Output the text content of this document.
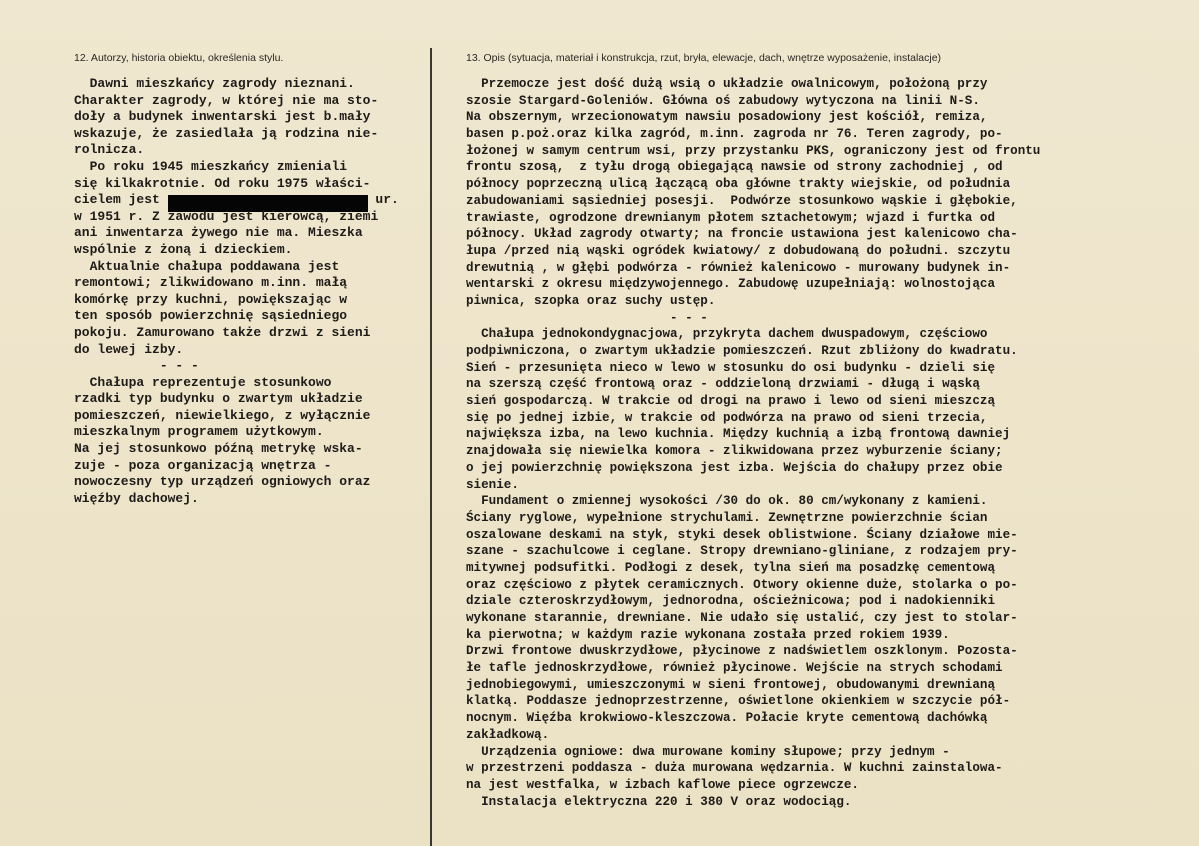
12. Autorzy, historia obiektu, określenia stylu.	13. Opis (sytuacja, materiał i konstrukcja, rzut, bryła, elewacje, dach, wnętrze wyposażenie, instalacje)
Dawni mieszkańcy zagrody nieznani.
Charakter zagrody, w której nie ma sto-
doły a budynek inwentarski jest b.mały
wskazuje, że zasiedlała ją rodzina nie-
rolnicza.
Po roku 1945 mieszkańcy zmieniali
się kilkakrotnie. Od roku 1975 właści-
cielem jest	ur.
w 1951 r. Z zawodu jest kierowcą, ziemi
ani inwentarza żywego nie ma. Mieszka
wspólnie z żoną i dzieckiem.
Aktualnie chałupa poddawana jest
remontowi; zlikwidowano m.inn. małą
komórkę przy kuchni, powiększając w
ten sposób powierzchnię sąsiedniego
pokoju. Zamurowano także drzwi z sieni
do lewej izby.
- - -
Chałupa reprezentuje stosunkowo
rzadki typ budynku o zwartym układzie
pomieszczeń, niewielkiego, z wyłącznie
mieszkalnym programem użytkowym.
Na jej stosunkowo późną metrykę wska-
zuje - poza organizacją wnętrza -
nowoczesny typ urządzeń ogniowych oraz
więźby dachowej.
Przemocze jest dość dużą wsią o układzie owalnicowym, położoną przy
szosie Stargard-Goleniów. Główna oś zabudowy wytyczona na linii N-S.
Na obszernym, wrzecionowatym nawsiu posadowiony jest kościół, remiza,
basen p.poż.oraz kilka zagród, m.inn. zagroda nr 76. Teren zagrody, po-
łożonej w samym centrum wsi, przy przystanku PKS, ograniczony jest od frontu
frontu szosą,  z tyłu drogą obiegającą nawsie od strony zachodniej , od
północy poprzeczną ulicą łączącą oba główne trakty wiejskie, od południa
zabudowaniami sąsiedniej posesji.  Podwórze stosunkowo wąskie i głębokie,
trawiaste, ogrodzone drewnianym płotem sztachetowym; wjazd i furtka od
północy. Układ zagrody otwarty; na froncie ustawiona jest kalenicowo cha-
łupa /przed nią wąski ogródek kwiatowy/ z dobudowaną do południ. szczytu
drewutnią , w głębi podwórza - również kalenicowo - murowany budynek in-
wentarski z okresu międzywojennego. Zabudowę uzupełniają: wolnostojąca
piwnica, szopka oraz suchy ustęp.
- - -
Chałupa jednokondygnacjowa, przykryta dachem dwuspadowym, częściowo
podpiwniczona, o zwartym układzie pomieszczeń. Rzut zbliżony do kwadratu.
Sień - przesunięta nieco w lewo w stosunku do osi budynku - dzieli się
na szerszą część frontową oraz - oddzieloną drzwiami - długą i wąską
sień gospodarczą. W trakcie od drogi na prawo i lewo od sieni mieszczą
się po jednej izbie, w trakcie od podwórza na prawo od sieni trzecia,
największa izba, na lewo kuchnia. Między kuchnią a izbą frontową dawniej
znajdowała się niewielka komora - zlikwidowana przez wyburzenie ściany;
o jej powierzchnię powiększona jest izba. Wejścia do chałupy przez obie
sienie.
Fundament o zmiennej wysokości /30 do ok. 80 cm/wykonany z kamieni.
Ściany ryglowe, wypełnione strychulami. Zewnętrzne powierzchnie ścian
oszalowane deskami na styk, styki desek oblistwione. Ściany działowe mie-
szane - szachulcowe i ceglane. Stropy drewniano-gliniane, z rodzajem pry-
mitywnej podsufitki. Podłogi z desek, tylna sień ma posadzkę cementową
oraz częściowo z płytek ceramicznych. Otwory okienne duże, stolarka o po-
dziale czteroskrzydłowym, jednorodna, ościeżnicowa; pod i nadokienniki
wykonane starannie, drewniane. Nie udało się ustalić, czy jest to stolar-
ka pierwotna; w każdym razie wykonana została przed rokiem 1939.
Drzwi frontowe dwuskrzydłowe, płycinowe z nadświetlem oszklonym. Pozosta-
łe tafle jednoskrzydłowe, również płycinowe. Wejście na strych schodami
jednobiegowymi, umieszczonymi w sieni frontowej, obudowanymi drewnianą
klatką. Poddasze jednoprzestrzenne, oświetlone okienkiem w szczycie pół-
nocnym. Więźba krokwiowo-kleszczowa. Połacie kryte cementową dachówką
zakładkową.
Urządzenia ogniowe: dwa murowane kominy słupowe; przy jednym -
w przestrzeni poddasza - duża murowana wędzarnia. W kuchni zainstalowa-
na jest westfalka, w izbach kaflowe piece ogrzewcze.
Instalacja elektryczna 220 i 380 V oraz wodociąg.
